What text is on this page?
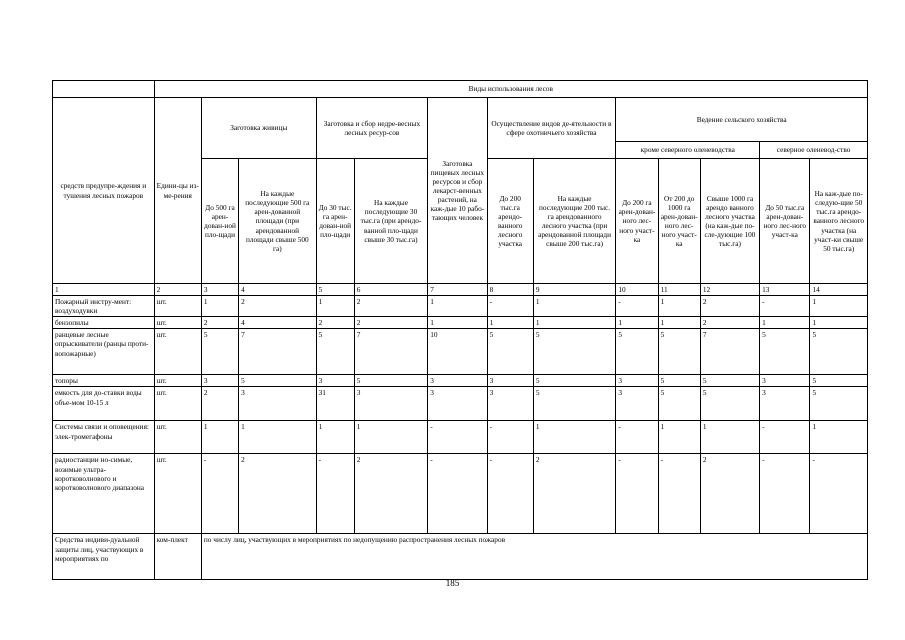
	Виды использования лесов												
средств предупре-ждения и тушения лесных пожаров	Едини-цы из-ме-рения	Заготовка живицы		Заготовка и сбор недре-весных лесных ресур-сов		Заготовка пищевых лесных ресурсов и сбор лекарст-венных растений, на каж-дые 10 рабо-тающих человек	Осуществление видов де-ятельности в сфере охотничьего хозяйства		Ведение сельского хозяйства				
									кроме северного оленеводства			северное оленевод-ство	
		До 500 га арен-дован-ной пло-щади	На каждые последующие 500 га арен-дованной площади (при арендованной площади свыше 500 га)	До 30 тыс. га арен-дован-ной пло-щади	На каждые последующие 30 тыс.га (при арендо-ванной пло-щади свыше 30 тыс.га)		До 200 тыс.га арендо-ванного лесного участка	На каждые последующие 200 тыс. га арендованного лесного участка (при арендованной площади свыше 200 тыс.га)	До 200 га арен-дован-ного лес-ного участ-ка	От 200 до 1000 га арен-дован-ного лес-ного участ-ка	Свыше 1000 га арендо ванного лесного участка (на каж-дые по-сле-дующие 100 тыс.га)	До 50 тыс.га арен-дован-ного лес-ного участ-ка	На каж-дые по-следую-щие 50 тыс.га арендо-ванного лесного участка (на участ-ки свыше 50 тыс.га)
1	2	3	4	5	6	7	8	9	10	11	12	13	14
Пожарный инстру-мент: воздуходувки	шт.	1	2	1	2	1	-	1	-	1	2	-	1
бензопилы	шт.	2	4	2	2	1	1	1	1	1	2	1	1
ранцевые лесные опрыскиватели (ранцы проти-вопожарные)	шт.	5	7	5	7	10	5	5	5	5	7	5	5
топоры	шт.	3	5	3	5	3	3	5	3	5	5	3	5
емкость для до-ставки воды объе-мом 10-15 л	шт.	2	3	31	3	3	3	5	3	5	5	3	5
Системы связи и оповещения: элек-тромегафоны	шт.	1	1	1	1	-	-	1	-	1	1	-	1
радиостанции но-симые, возимые ультра-коротковолнового и коротковолнового диапазона	шт.	-	2	-	2	-	-	2	-	-	2	-	-
Средства индиви-дуальной защиты лиц, участвующих в мероприятиях по	ком-плект	по числу лиц, участвующих в мероприятиях по недопущению распространения лесных пожаров											
185
